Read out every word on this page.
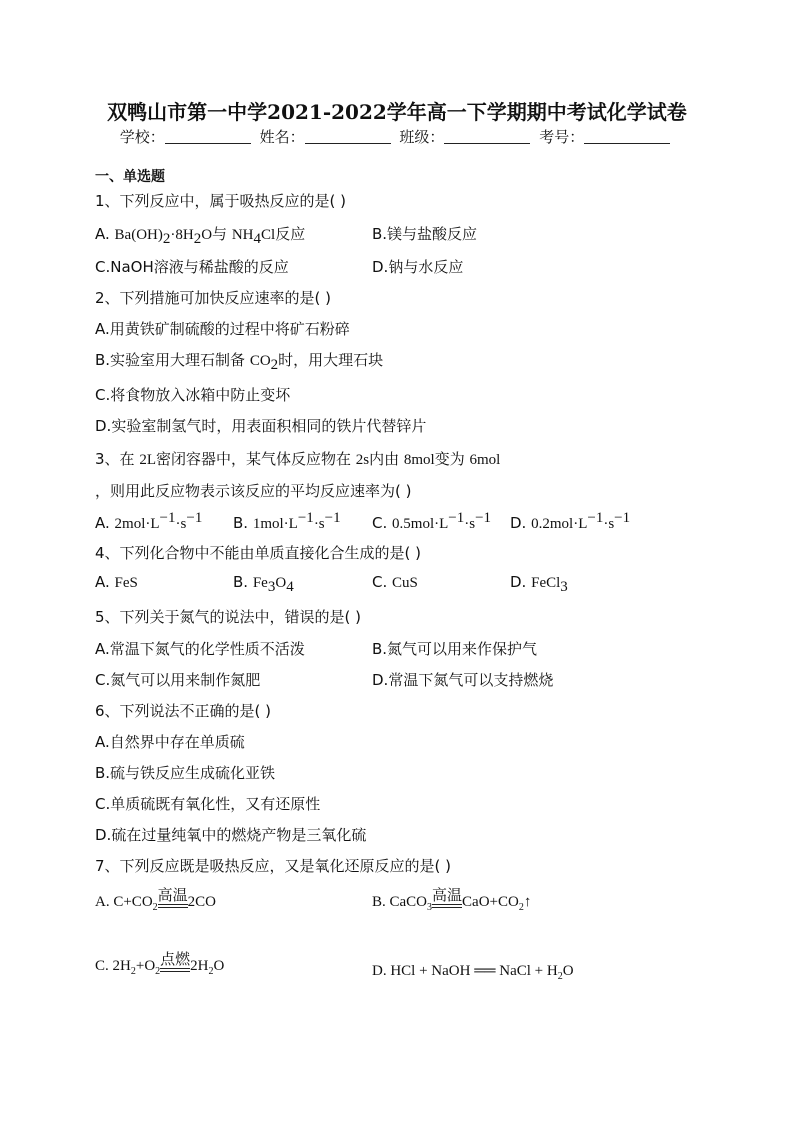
双鸭山市第一中学2021-2022学年高一下学期期中考试化学试卷
学校：	姓名：	班级：	考号：
一、单选题
1、下列反应中，属于吸热反应的是( )
A. $Ba(OH)_2\cdot 8H_2O$与 $NH_4Cl$反应	B.镁与盐酸反应
C.NaOH溶液与稀盐酸的反应	D.钠与水反应
2、下列措施可加快反应速率的是( )
A.用黄铁矿制硫酸的过程中将矿石粉碎
B.实验室用大理石制备 $CO_2$时，用大理石块
C.将食物放入冰箱中防止变坏
D.实验室制氢气时，用表面积相同的铁片代替锌片
3、在 2L密闭容器中，某气体反应物在 2s内由 8mol变为 6mol
，则用此反应物表示该反应的平均反应速率为( )
A. $2mol\cdot L^{-1}\cdot s^{-1}$ B. $1mol\cdot L^{-1}\cdot s^{-1}$ C. $0.5mol\cdot L^{-1}\cdot s^{-1}$ D. $0.2mol\cdot L^{-1}\cdot s^{-1}$
4、下列化合物中不能由单质直接化合生成的是( )
A. FeS	B. $Fe_3O_4$	C. CuS	D. FeCl$_3$
5、下列关于氮气的说法中，错误的是( )
A.常温下氮气的化学性质不活泼	B.氮气可以用来作保护气
C.氮气可以用来制作氮肥	D.常温下氮气可以支持燃烧
6、下列说法不正确的是( )
A.自然界中存在单质硫
B.硫与铁反应生成硫化亚铁
C.单质硫既有氧化性，又有还原性
D.硫在过量纯氧中的燃烧产物是三氧化硫
7、下列反应既是吸热反应，又是氧化还原反应的是( )
A. $C+CO_2$
高温 2CO	B. CaCO$_3$
高温 $CaO+CO_2↑$
C. $2H_2+O_2$
点燃 $2H_2O$	D. HCl + NaOH ══ NaCl + $H_2O$
